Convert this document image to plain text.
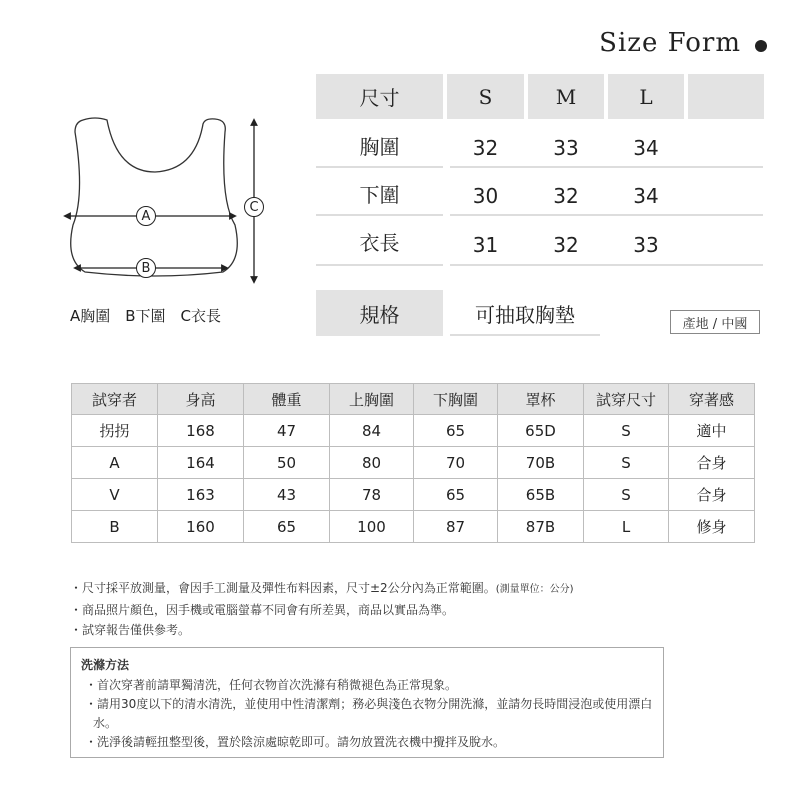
Size Form
尺寸	S	M	L
胸圍	32	33	34
下圍	30	32	34
衣長	31	32	33
規格	可抽取胸墊	產地 / 中國
A
B
C
A胸圍　B下圍　C衣長
試穿者	身高	體重	上胸圍	下胸圍	罩杯	試穿尺寸	穿著感
拐拐	168	47	84	65	65D	S	適中
A	164	50	80	70	70B	S	合身
V	163	43	78	65	65B	S	合身
B	160	65	100	87	87B	L	修身
・尺寸採平放測量，會因手工測量及彈性布料因素，尺寸±2公分內為正常範圍。(測量單位：公分)
・商品照片顏色，因手機或電腦螢幕不同會有所差異，商品以實品為準。
・試穿報告僅供參考。
洗滌方法
・首次穿著前請單獨清洗，任何衣物首次洗滌有稍微褪色為正常現象。
・請用30度以下的清水清洗，並使用中性清潔劑；務必與淺色衣物分開洗滌，並請勿長時間浸泡或使用漂白水。
・洗淨後請輕扭整型後，置於陰涼處晾乾即可。請勿放置洗衣機中攪拌及脫水。
